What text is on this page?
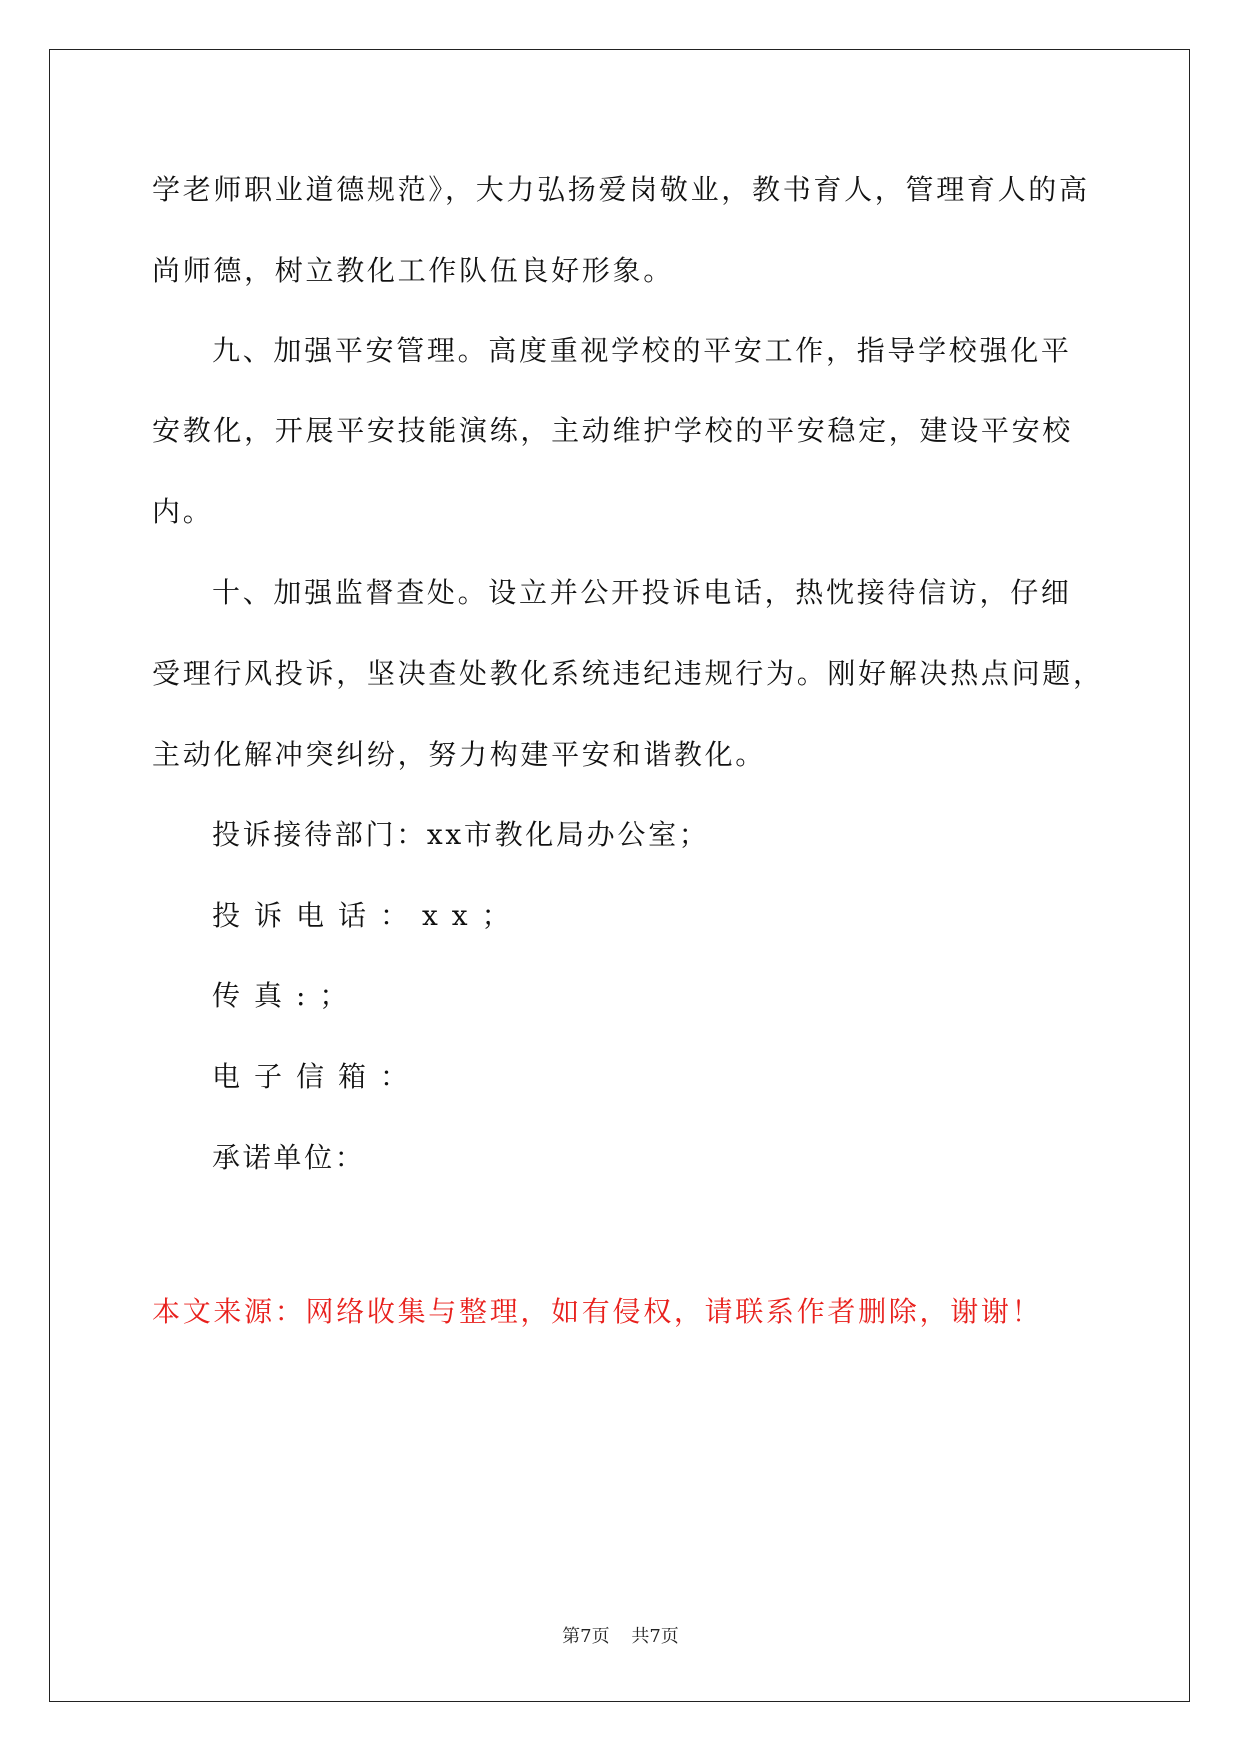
学老师职业道德规范》，大力弘扬爱岗敬业，教书育人，管理育人的高
尚师德，树立教化工作队伍良好形象。
九、加强平安管理。高度重视学校的平安工作，指导学校强化平
安教化，开展平安技能演练，主动维护学校的平安稳定，建设平安校
内。
十、加强监督查处。设立并公开投诉电话，热忱接待信访，仔细
受理行风投诉，坚决查处教化系统违纪违规行为。刚好解决热点问题，
主动化解冲突纠纷，努力构建平安和谐教化。
投诉接待部门：xx市教化局办公室；
投诉电话：xx；
传真:；
电子信箱：
承诺单位：
本文来源：网络收集与整理，如有侵权，请联系作者删除，谢谢！
第7页 共7页
